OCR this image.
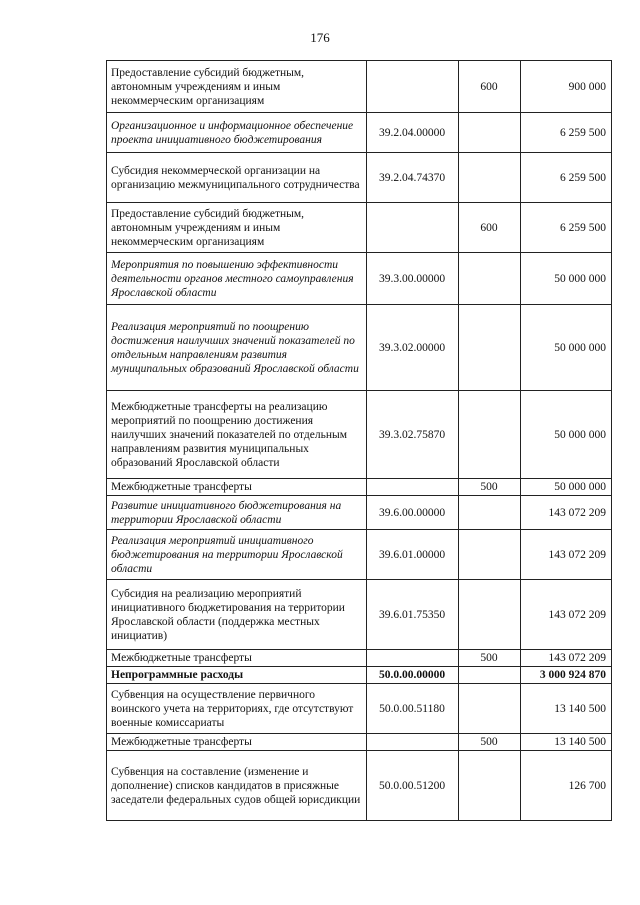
176
Предоставление субсидий бюджетным, автономным учреждениям и иным некоммерческим организациям		600	900 000
Организационное и информационное обеспечение проекта инициативного бюджетирования	39.2.04.00000		6 259 500
Субсидия некоммерческой организации на организацию межмуниципального сотрудничества	39.2.04.74370		6 259 500
Предоставление субсидий бюджетным, автономным учреждениям и иным некоммерческим организациям		600	6 259 500
Мероприятия по повышению эффективности деятельности органов местного самоуправления Ярославской области	39.3.00.00000		50 000 000
Реализация мероприятий по поощрению достижения наилучших значений показателей по отдельным направлениям развития муниципальных образований Ярославской области	39.3.02.00000		50 000 000
Межбюджетные трансферты на реализацию мероприятий по поощрению достижения наилучших значений показателей по отдельным направлениям развития муниципальных образований Ярославской области	39.3.02.75870		50 000 000
Межбюджетные трансферты		500	50 000 000
Развитие инициативного бюджетирования на территории Ярославской области	39.6.00.00000		143 072 209
Реализация мероприятий инициативного бюджетирования на территории Ярославской области	39.6.01.00000		143 072 209
Субсидия на реализацию мероприятий инициативного бюджетирования на территории Ярославской области (поддержка местных инициатив)	39.6.01.75350		143 072 209
Межбюджетные трансферты		500	143 072 209
Непрограммные расходы	50.0.00.00000		3 000 924 870
Субвенция на осуществление первичного воинского учета на территориях, где отсутствуют военные комиссариаты	50.0.00.51180		13 140 500
Межбюджетные трансферты		500	13 140 500
Субвенция на составление (изменение и дополнение) списков кандидатов в присяжные заседатели федеральных судов общей юрисдикции	50.0.00.51200		126 700
